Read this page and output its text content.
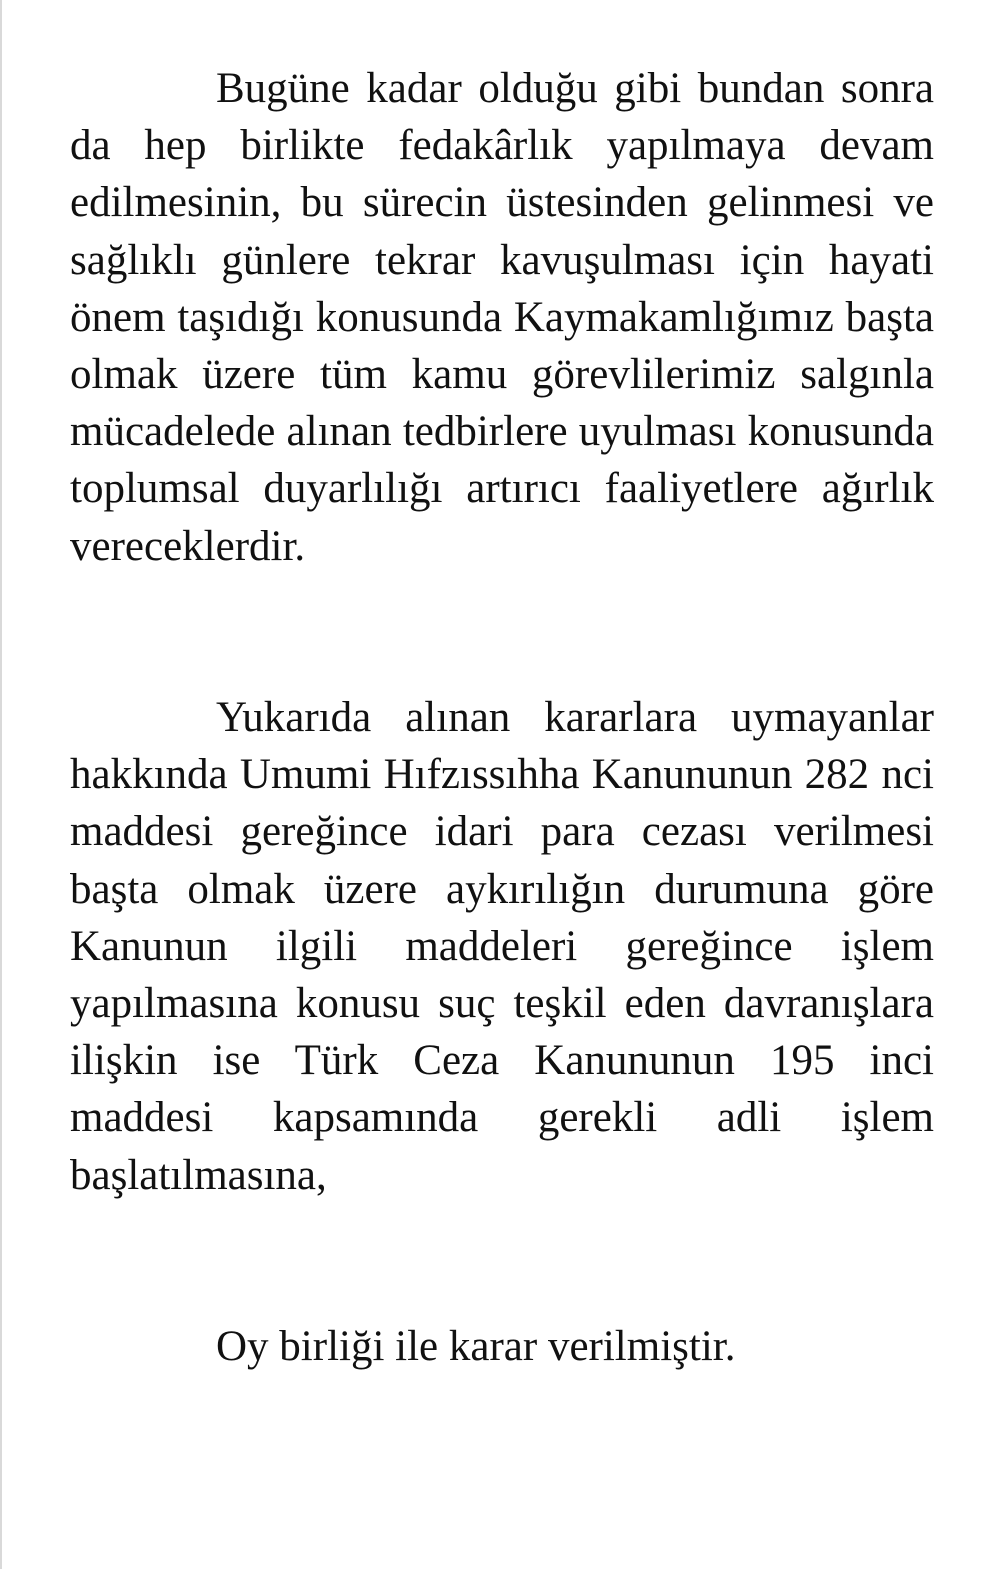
Bugüne kadar olduğu gibi bundan sonra da hep birlikte fedakârlık yapılmaya devam edilmesinin, bu sürecin üstesinden gelinmesi ve sağlıklı günlere tekrar kavuşulması için hayati önem taşıdığı konusunda Kaymakamlığımız başta olmak üzere tüm kamu görevlilerimiz salgınla mücadelede alınan tedbirlere uyulması konusunda toplumsal duyarlılığı artırıcı faaliyetlere ağırlık vereceklerdir.

Yukarıda alınan kararlara uymayanlar hakkında Umumi Hıfzıssıhha Kanununun 282 nci maddesi gereğince idari para cezası verilmesi başta olmak üzere aykırılığın durumuna göre Kanunun ilgili maddeleri gereğince işlem yapılmasına konusu suç teşkil eden davranışlara ilişkin ise Türk Ceza Kanununun 195 inci maddesi kapsamında gerekli adli işlem başlatılmasına,

Oy birliği ile karar verilmiştir.
